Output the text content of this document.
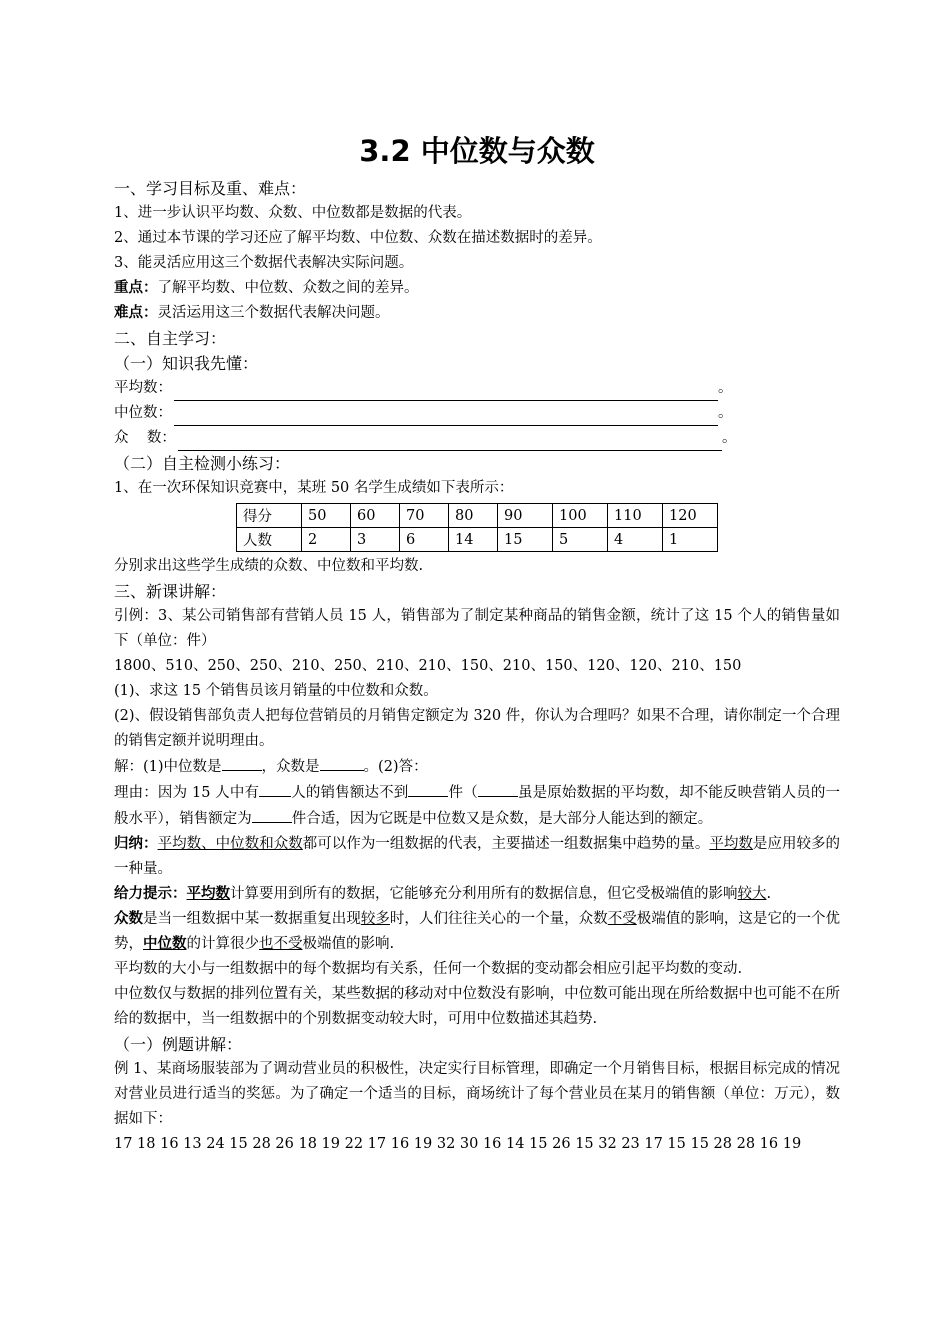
3.2 中位数与众数
一、学习目标及重、难点：
1、进一步认识平均数、众数、中位数都是数据的代表。
2、通过本节课的学习还应了解平均数、中位数、众数在描述数据时的差异。
3、能灵活应用这三个数据代表解决实际问题。
重点：了解平均数、中位数、众数之间的差异。
难点：灵活运用这三个数据代表解决问题。
二、自主学习：
（一）知识我先懂：
平均数：	。
中位数：	。
众    数：	。
（二）自主检测小练习：
1、在一次环保知识竞赛中，某班 50 名学生成绩如下表所示：
得分	50	60	70	80	90	100	110	120
人数	2	3	6	14	15	5	4	1
分别求出这些学生成绩的众数、中位数和平均数.
三、新课讲解：
引例：3、某公司销售部有营销人员 15 人，销售部为了制定某种商品的销售金额，统计了这 15 个人的销售量如下（单位：件）
1800、510、250、250、210、250、210、210、150、210、150、120、120、210、150
(1)、求这 15 个销售员该月销量的中位数和众数。
(2)、假设销售部负责人把每位营销员的月销售定额定为 320 件，你认为合理吗？如果不合理，请你制定一个合理的销售定额并说明理由。
解：(1)中位数是	，众数是	。(2)答：
理由：因为 15 人中有 人的销售额达不到	件（	虽是原始数据的平均数，却不能反映营销人员的一般水平），销售额定为	件合适，因为它既是中位数又是众数，是大部分人能达到的额定。
归纳：平均数、中位数和众数都可以作为一组数据的代表，主要描述一组数据集中趋势的量。平均数是应用较多的一种量。
给力提示：平均数计算要用到所有的数据，它能够充分利用所有的数据信息，但它受极端值的影响较大.
众数是当一组数据中某一数据重复出现较多时，人们往往关心的一个量，众数不受极端值的影响，这是它的一个优势，中位数的计算很少也不受极端值的影响.
平均数的大小与一组数据中的每个数据均有关系，任何一个数据的变动都会相应引起平均数的变动.
中位数仅与数据的排列位置有关，某些数据的移动对中位数没有影响，中位数可能出现在所给数据中也可能不在所给的数据中，当一组数据中的个别数据变动较大时，可用中位数描述其趋势.
（一）例题讲解：
例 1、某商场服装部为了调动营业员的积极性，决定实行目标管理，即确定一个月销售目标，根据目标完成的情况对营业员进行适当的奖惩。为了确定一个适当的目标，商场统计了每个营业员在某月的销售额（单位：万元），数据如下：
17 18 16 13 24 15 28 26 18 19 22 17 16 19 32 30 16 14 15 26 15 32 23 17 15 15 28 28 16 19
